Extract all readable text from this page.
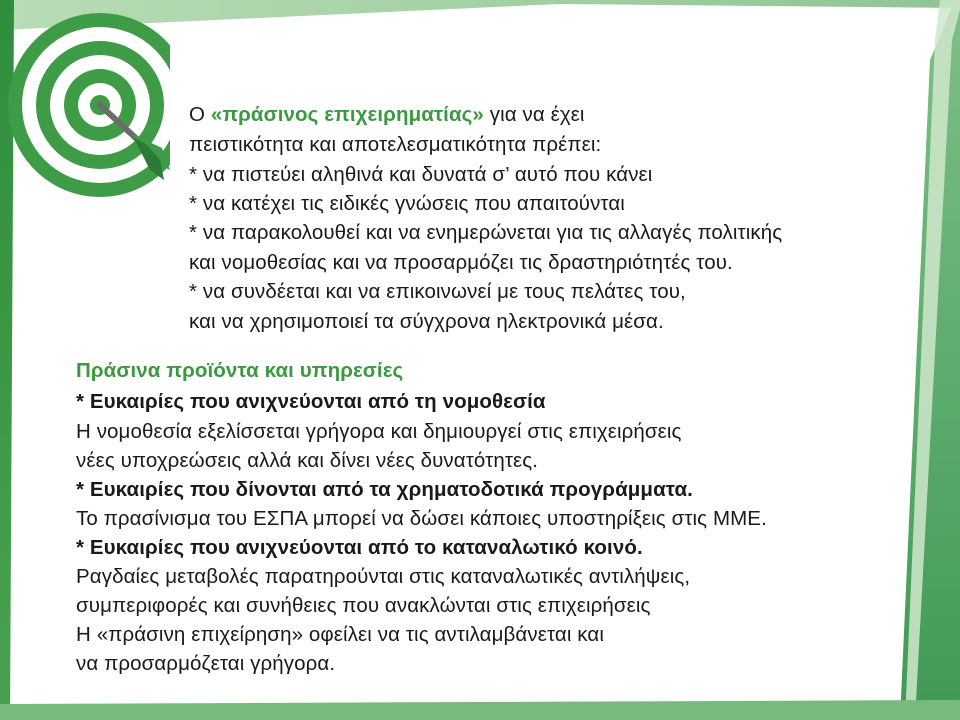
Ο «πράσινος επιχειρηματίας» για να έχει
πειστικότητα και αποτελεσματικότητα πρέπει:
* να πιστεύει αληθινά και δυνατά σ’ αυτό που κάνει
* να κατέχει τις ειδικές γνώσεις που απαιτούνται
* να παρακολουθεί και να ενημερώνεται για τις αλλαγές πολιτικής
και νομοθεσίας και να προσαρμόζει τις δραστηριότητές του.
* να συνδέεται και να επικοινωνεί με τους πελάτες του,
και να χρησιμοποιεί τα σύγχρονα ηλεκτρονικά μέσα.
Πράσινα προϊόντα και υπηρεσίες
* Ευκαιρίες που ανιχνεύονται από τη νομοθεσία
Η νομοθεσία εξελίσσεται γρήγορα και δημιουργεί στις επιχειρήσεις
νέες υποχρεώσεις αλλά και δίνει νέες δυνατότητες.
* Ευκαιρίες που δίνονται από τα χρηματοδοτικά προγράμματα.
Το πρασίνισμα του ΕΣΠΑ μπορεί να δώσει κάποιες υποστηρίξεις στις ΜΜΕ.
* Ευκαιρίες που ανιχνεύονται από το καταναλωτικό κοινό.
Ραγδαίες μεταβολές παρατηρούνται στις καταναλωτικές αντιλήψεις,
συμπεριφορές και συνήθειες που ανακλώνται στις επιχειρήσεις
Η «πράσινη επιχείρηση» οφείλει να τις αντιλαμβάνεται και
να προσαρμόζεται γρήγορα.
